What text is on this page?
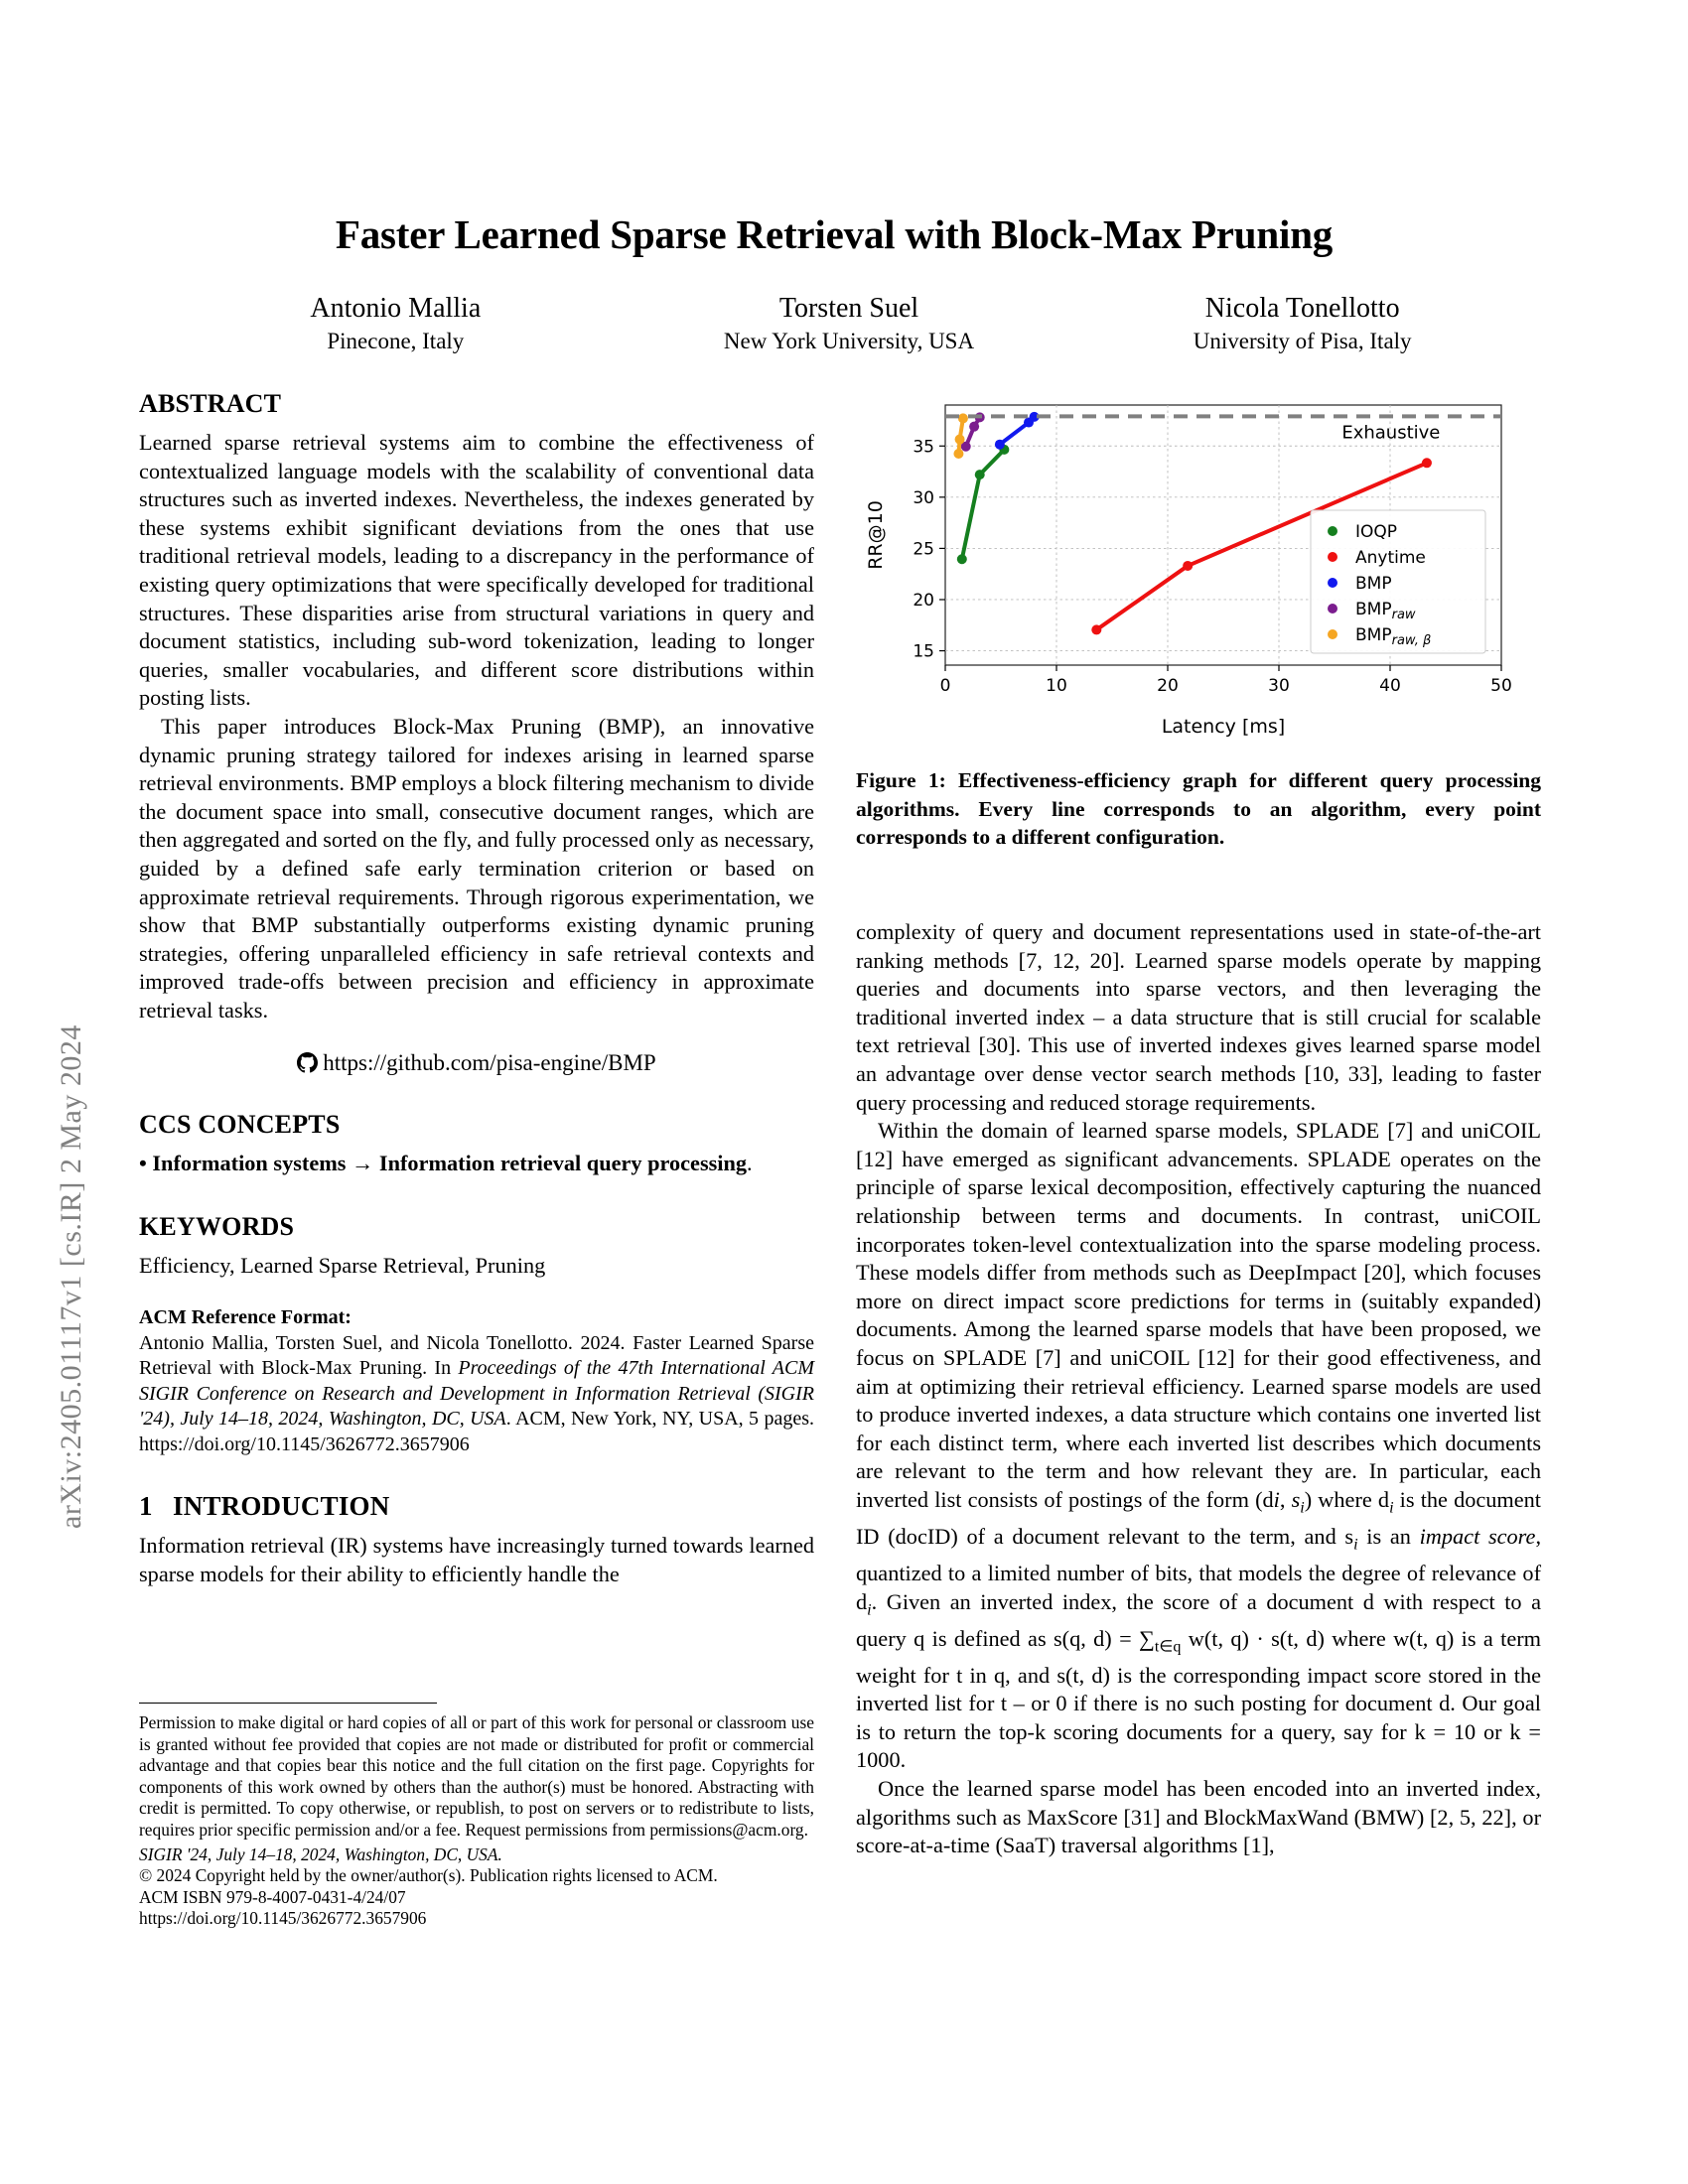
arXiv:2405.01117v1 [cs.IR] 2 May 2024
Faster Learned Sparse Retrieval with Block-Max Pruning
Antonio Mallia
Pinecone, Italy
Torsten Suel
New York University, USA
Nicola Tonellotto
University of Pisa, Italy
ABSTRACT

Learned sparse retrieval systems aim to combine the effectiveness of contextualized language models with the scalability of conventional data structures such as inverted indexes. Nevertheless, the indexes generated by these systems exhibit significant deviations from the ones that use traditional retrieval models, leading to a discrepancy in the performance of existing query optimizations that were specifically developed for traditional structures. These disparities arise from structural variations in query and document statistics, including sub-word tokenization, leading to longer queries, smaller vocabularies, and different score distributions within posting lists.

This paper introduces Block-Max Pruning (BMP), an innovative dynamic pruning strategy tailored for indexes arising in learned sparse retrieval environments. BMP employs a block filtering mechanism to divide the document space into small, consecutive document ranges, which are then aggregated and sorted on the fly, and fully processed only as necessary, guided by a defined safe early termination criterion or based on approximate retrieval requirements. Through rigorous experimentation, we show that BMP substantially outperforms existing dynamic pruning strategies, offering unparalleled efficiency in safe retrieval contexts and improved trade-offs between precision and efficiency in approximate retrieval tasks.

https://github.com/pisa-engine/BMP
CCS CONCEPTS

• Information systems → Information retrieval query processing.

KEYWORDS

Efficiency, Learned Sparse Retrieval, Pruning

ACM Reference Format:

Antonio Mallia, Torsten Suel, and Nicola Tonellotto. 2024. Faster Learned Sparse Retrieval with Block-Max Pruning. In Proceedings of the 47th International ACM SIGIR Conference on Research and Development in Information Retrieval (SIGIR '24), July 14–18, 2024, Washington, DC, USA. ACM, New York, NY, USA, 5 pages. https://doi.org/10.1145/3626772.3657906

1 INTRODUCTION

Information retrieval (IR) systems have increasingly turned towards learned sparse models for their ability to efficiently handle the

Permission to make digital or hard copies of all or part of this work for personal or classroom use is granted without fee provided that copies are not made or distributed for profit or commercial advantage and that copies bear this notice and the full citation on the first page. Copyrights for components of this work owned by others than the author(s) must be honored. Abstracting with credit is permitted. To copy otherwise, or republish, to post on servers or to redistribute to lists, requires prior specific permission and/or a fee. Request permissions from permissions@acm.org.

SIGIR '24, July 14–18, 2024, Washington, DC, USA.

© 2024 Copyright held by the owner/author(s). Publication rights licensed to ACM.

ACM ISBN 979-8-4007-0431-4/24/07

https://doi.org/10.1145/3626772.3657906

0	10	20	30	40	50
15
20
25
30
35
Latency [ms]
RR@10
Exhaustive
IOQP
Anytime
BMP
$BMP_{raw}$
$BMP_{raw, \beta}$
Figure 1: Effectiveness-efficiency graph for different query processing algorithms. Every line corresponds to an algorithm, every point corresponds to a different configuration.

complexity of query and document representations used in state-of-the-art ranking methods [7, 12, 20]. Learned sparse models operate by mapping queries and documents into sparse vectors, and then leveraging the traditional inverted index – a data structure that is still crucial for scalable text retrieval [30]. This use of inverted indexes gives learned sparse model an advantage over dense vector search methods [10, 33], leading to faster query processing and reduced storage requirements.

Within the domain of learned sparse models, SPLADE [7] and uniCOIL [12] have emerged as significant advancements. SPLADE operates on the principle of sparse lexical decomposition, effectively capturing the nuanced relationship between terms and documents. In contrast, uniCOIL incorporates token-level contextualization into the sparse modeling process. These models differ from methods such as DeepImpact [20], which focuses more on direct impact score predictions for terms in (suitably expanded) documents. Among the learned sparse models that have been proposed, we focus on SPLADE [7] and uniCOIL [12] for their good effectiveness, and aim at optimizing their retrieval efficiency. Learned sparse models are used to produce inverted indexes, a data structure which contains one inverted list for each distinct term, where each inverted list describes which documents are relevant to the term and how relevant they are. In particular, each inverted list consists of postings of the form (di, $s_i$) where $d_i$ is the document ID (docID) of a document relevant to the term, and $s_i$ is an impact score, quantized to a limited number of bits, that models the degree of relevance of $d_i$. Given an inverted index, the score of a document d with respect to a query q is defined as s(q, $d) = \sum_{t\in q}$ w(t, q) · s(t, d) where w(t, q) is a term weight for t in q, and s(t, d) is the corresponding impact score stored in the inverted list for t – or 0 if there is no such posting for document d. Our goal is to return the top-k scoring documents for a query, say for k = 10 or k = 1000.

Once the learned sparse model has been encoded into an inverted index, algorithms such as MaxScore [31] and BlockMaxWand (BMW) [2, 5, 22], or score-at-a-time (SaaT) traversal algorithms [1],
